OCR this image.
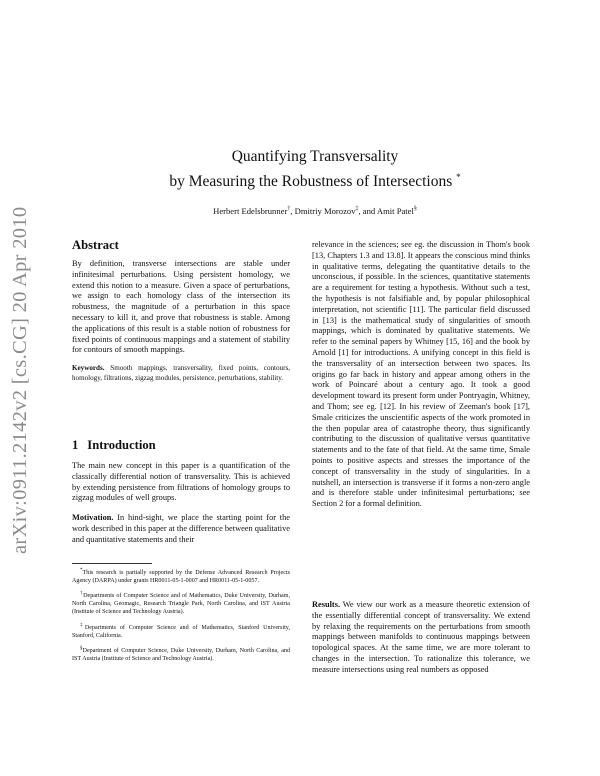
arXiv:0911.2142v2 [cs.CG] 20 Apr 2010
Quantifying Transversality
by Measuring the Robustness of Intersections *
Herbert Edelsbrunner†, Dmitriy Morozov‡, and Amit Patel§
Abstract

By definition, transverse intersections are stable under infinitesimal perturbations. Using persistent homology, we extend this notion to a measure. Given a space of perturbations, we assign to each homology class of the intersection its robustness, the magnitude of a perturbation in this space necessary to kill it, and prove that robustness is stable. Among the applications of this result is a stable notion of robustness for fixed points of continuous mappings and a statement of stability for contours of smooth mappings.

Keywords. Smooth mappings, transversality, fixed points, contours, homology, filtrations, zigzag modules, persistence, perturbations, stability.

1 Introduction

The main new concept in this paper is a quantification of the classically differential notion of transversality. This is achieved by extending persistence from filtrations of homology groups to zigzag modules of well groups.

Motivation. In hind-sight, we place the starting point for the work described in this paper at the difference between qualitative and quantitative statements and their

*This research is partially supported by the Defense Advanced Research Projects Agency (DARPA) under grants HR0011-05-1-0007 and HR0011-05-1-0057.

†Departments of Computer Science and of Mathematics, Duke University, Durham, North Carolina, Geomagic, Research Triangle Park, North Carolina, and IST Austria (Institute of Science and Technology Austria).

‡Departments of Computer Science and of Mathematics, Stanford University, Stanford, California.

§Department of Computer Science, Duke University, Durham, North Carolina, and IST Austria (Institute of Science and Technology Austria).

relevance in the sciences; see eg. the discussion in Thom's book [13, Chapters 1.3 and 13.8]. It appears the conscious mind thinks in qualitative terms, delegating the quantitative details to the unconscious, if possible. In the sciences, quantitative statements are a requirement for testing a hypothesis. Without such a test, the hypothesis is not falsifiable and, by popular philosophical interpretation, not scientific [11]. The particular field discussed in [13] is the mathematical study of singularities of smooth mappings, which is dominated by qualitative statements. We refer to the seminal papers by Whitney [15, 16] and the book by Arnold [1] for introductions. A unifying concept in this field is the transversality of an intersection between two spaces. Its origins go far back in history and appear among others in the work of Poincaré about a century ago. It took a good development toward its present form under Pontryagin, Whitney, and Thom; see eg. [12]. In his review of Zeeman's book [17], Smale criticizes the unscientific aspects of the work promoted in the then popular area of catastrophe theory, thus significantly contributing to the discussion of qualitative versus quantitative statements and to the fate of that field. At the same time, Smale points to positive aspects and stresses the importance of the concept of transversality in the study of singularities. In a nutshell, an intersection is transverse if it forms a non-zero angle and is therefore stable under infinitesimal perturbations; see Section 2 for a formal definition.

Results. We view our work as a measure theoretic extension of the essentially differential concept of transversality. We extend by relaxing the requirements on the perturbations from smooth mappings between manifolds to continuous mappings between topological spaces. At the same time, we are more tolerant to changes in the intersection. To rationalize this tolerance, we measure intersections using real numbers as opposed
